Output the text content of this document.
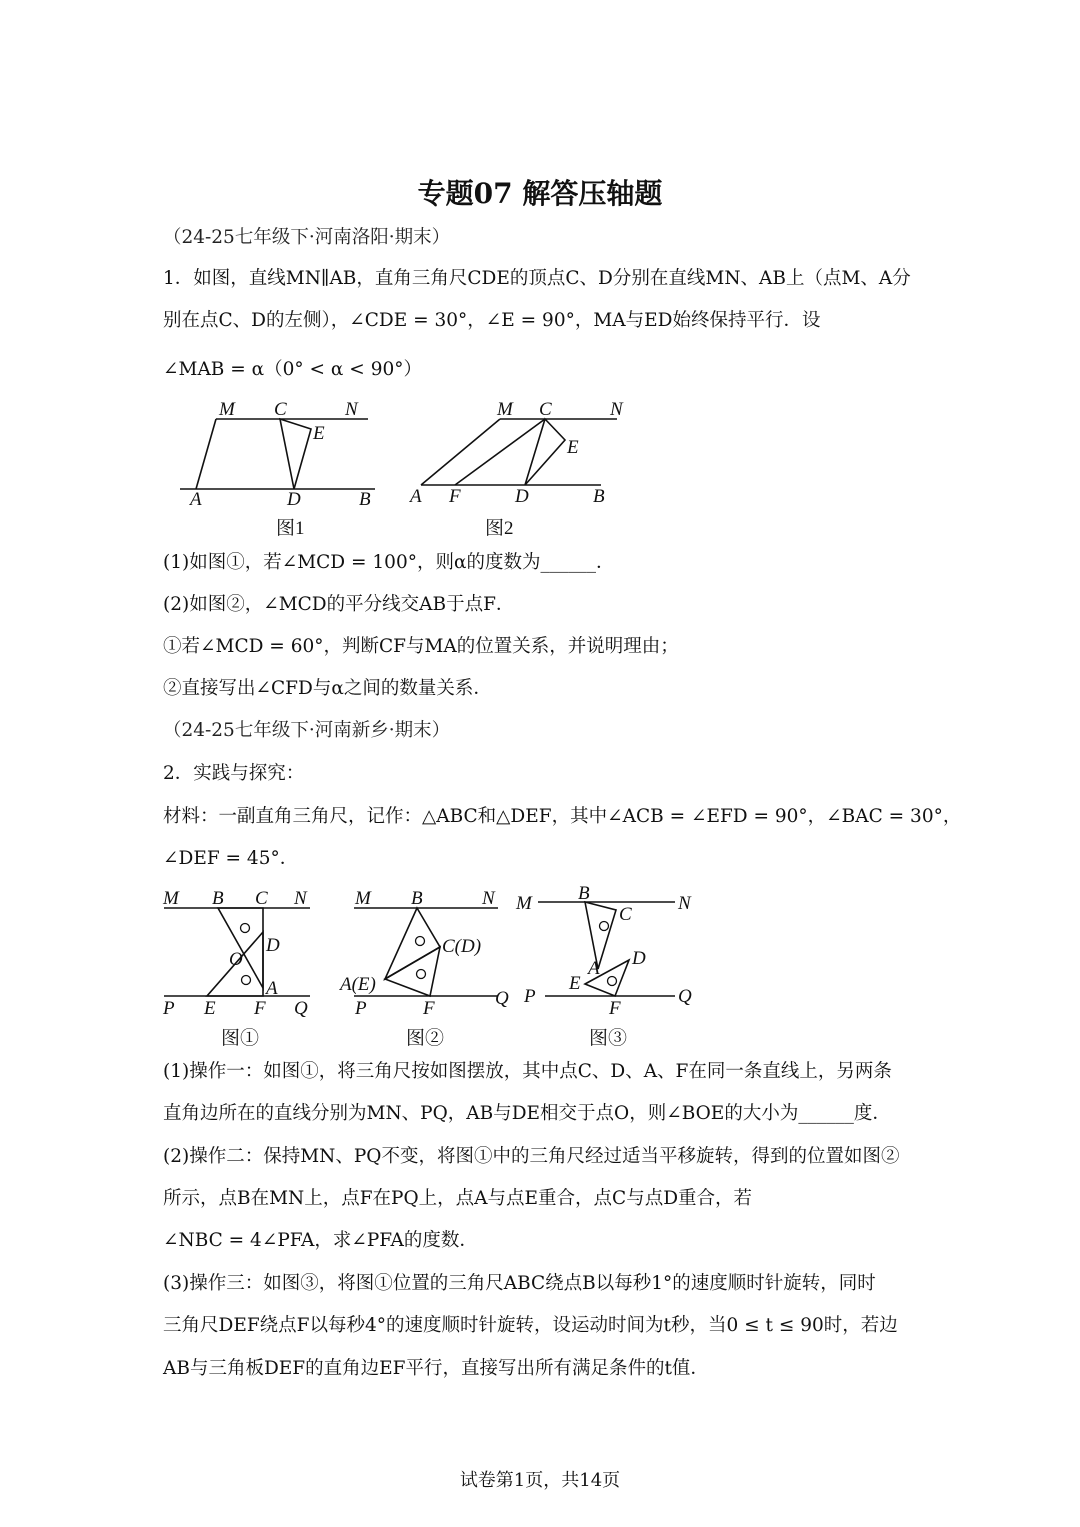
专题07 解答压轴题
（24-25七年级下·河南洛阳·期末）
1．如图，直线MN∥AB，直角三角尺CDE的顶点C、D分别在直线MN、AB上（点M、A分
别在点C、D的左侧），∠CDE = 30°，∠E = 90°，MA与ED始终保持平行．设
∠MAB = α（0° < α < 90°）
M C	N
E
A	D	B
图1
M C	N
E
A F	D	B
图2
(1)如图①，若∠MCD = 100°，则α的度数为______．
(2)如图②，∠MCD的平分线交AB于点F．
①若∠MCD = 60°，判断CF与MA的位置关系，并说明理由；
②直接写出∠CFD与α之间的数量关系．
（24-25七年级下·河南新乡·期末）
2．实践与探究：
材料：一副直角三角尺，记作：△ABC和△DEF，其中∠ACB = ∠EFD = 90°，∠BAC = 30°，
∠DEF = 45°．
M B C N
D
O
A
P E F Q
图①
M B	N
C(D)
A(E)
P	F	Q
图②
B
M	N
C
D
A
E
P
F
Q
图③
(1)操作一：如图①，将三角尺按如图摆放，其中点C、D、A、F在同一条直线上，另两条
直角边所在的直线分别为MN、PQ，AB与DE相交于点O，则∠BOE的大小为______度．
(2)操作二：保持MN、PQ不变，将图①中的三角尺经过适当平移旋转，得到的位置如图②
所示，点B在MN上，点F在PQ上，点A与点E重合，点C与点D重合，若
∠NBC = 4∠PFA，求∠PFA的度数．
(3)操作三：如图③，将图①位置的三角尺ABC绕点B以每秒1°的速度顺时针旋转，同时
三角尺DEF绕点F以每秒4°的速度顺时针旋转，设运动时间为t秒，当0 ≤ t ≤ 90时，若边
AB与三角板DEF的直角边EF平行，直接写出所有满足条件的t值．
试卷第1页，共14页
